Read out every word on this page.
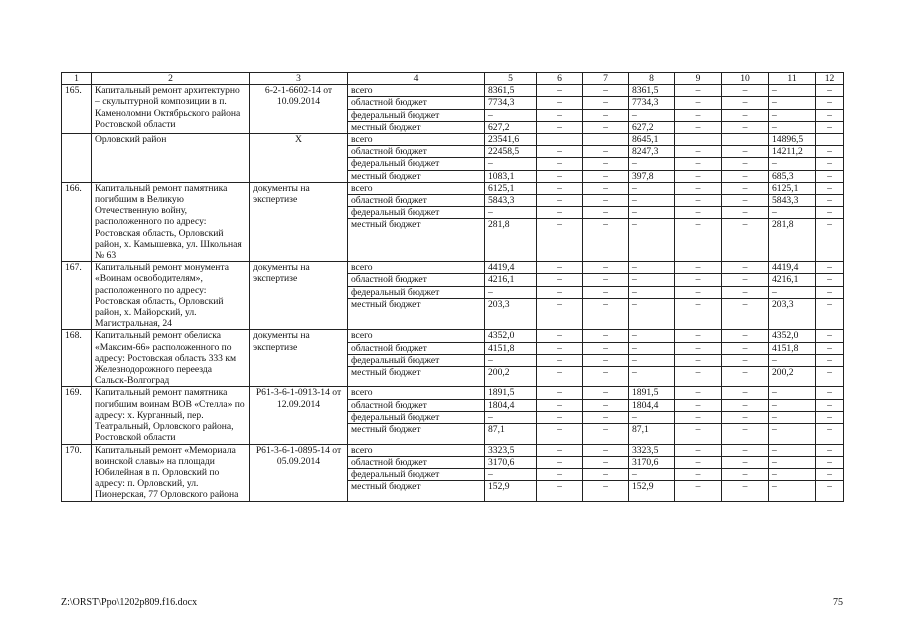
1	2	3	4	5	6	7	8	9	10	11	12
165.	Капитальный ремонт архитектурно – скульптурной композиции в п. Каменоломни Октябрьского района Ростовской области	6-2-1-6602-14 от 10.09.2014	всего	8361,5	–	–	8361,5	–	–	–	–
			областной бюджет	7734,3	–	–	7734,3	–	–	–	–
			федеральный бюджет	–	–	–	–	–	–	–	–
			местный бюджет	627,2	–	–	627,2	–	–	–	–

	Орловский район	X	всего	23541,6			8645,1			14896,5	
			областной бюджет	22458,5	–	–	8247,3	–	–	14211,2	–
			федеральный бюджет	–	–	–	–	–	–	–	–
			местный бюджет	1083,1	–	–	397,8	–	–	685,3	–
166.	Капитальный ремонт памятника погибшим в Великую Отечественную войну, расположенного по адресу: Ростовская область, Орловский район, х. Камышевка, ул. Школьная № 63	документы на экспертизе	всего	6125,1	–	–	–	–	–	6125,1	–
			областной бюджет	5843,3	–	–	–	–	–	5843,3	–
			федеральный бюджет	–	–	–	–	–	–	–	–
			местный бюджет	281,8	–	–	–	–	–	281,8	–

167.	Капитальный ремонт монумента «Воинам освободителям», расположенного по адресу: Ростовская область, Орловский район, х. Майорский, ул. Магистральная, 24	документы на экспертизе	всего	4419,4	–	–	–	–	–	4419,4	–
			областной бюджет	4216,1	–	–	–	–	–	4216,1	–
			федеральный бюджет	–	–	–	–	–	–	–	–
			местный бюджет	203,3	–	–	–	–	–	203,3	–

168.	Капитальный ремонт обелиска «Максим-66» расположенного по адресу: Ростовская область 333 км Железнодорожного переезда Сальск-Волгоград	документы на экспертизе	всего	4352,0	–	–	–	–	–	4352,0	–
			областной бюджет	4151,8	–	–	–	–	–	4151,8	–
			федеральный бюджет	–	–	–	–	–	–	–	–
			местный бюджет	200,2	–	–	–	–	–	200,2	–

169.	Капитальный ремонт памятника погибшим воинам ВОВ «Стелла» по адресу: х. Курганный, пер. Театральный, Орловского района, Ростовской области	Р61-3-6-1-0913-14 от 12.09.2014	всего	1891,5	–	–	1891,5	–	–	–	–
			областной бюджет	1804,4	–	–	1804,4	–	–	–	–
			федеральный бюджет	–	–	–	–	–	–	–	–
			местный бюджет	87,1	–	–	87,1	–	–	–	–

170.	Капитальный ремонт «Мемориала воинской славы» на площади Юбилейная в п. Орловский по адресу: п. Орловский, ул. Пионерская, 77 Орловского района	Р61-3-6-1-0895-14 от 05.09.2014	всего	3323,5	–	–	3323,5	–	–	–	–
			областной бюджет	3170,6	–	–	3170,6	–	–	–	–
			федеральный бюджет	–	–	–	–	–	–	–	–
			местный бюджет	152,9	–	–	152,9	–	–	–	–

Z:\ORST\Ppo\1202p809.f16.docx	75
